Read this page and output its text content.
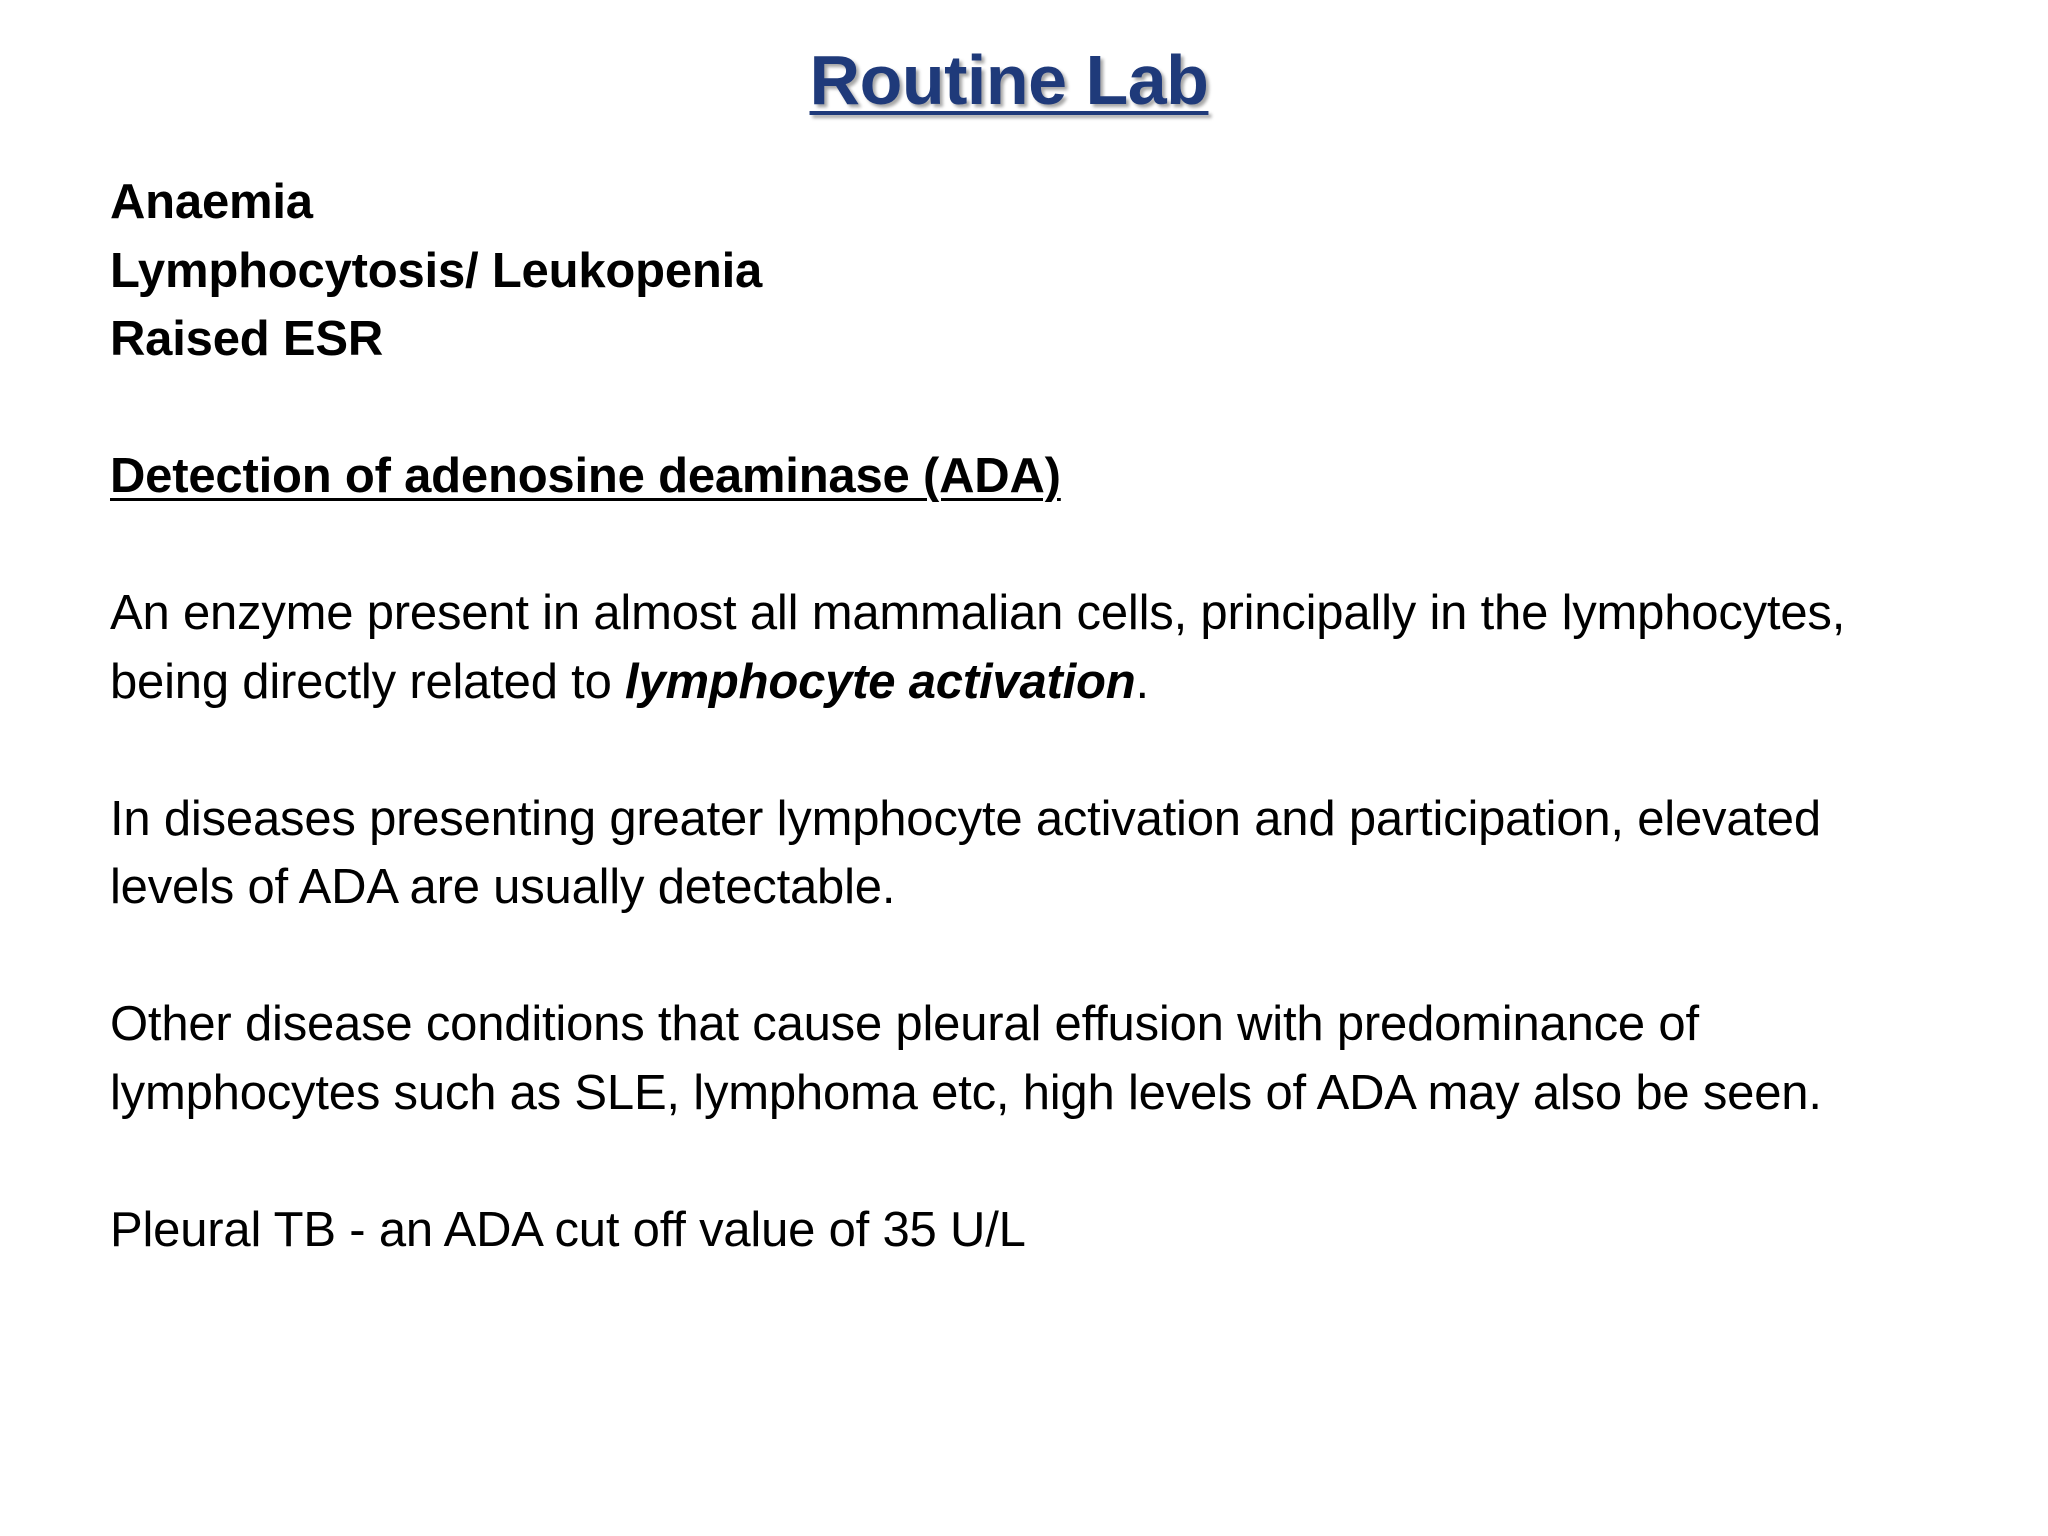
Routine Lab
Anaemia
Lymphocytosis/ Leukopenia
Raised ESR
Detection of adenosine deaminase (ADA)
An enzyme present in almost all mammalian cells, principally in the lymphocytes,
being directly related to lymphocyte activation.
In diseases presenting greater lymphocyte activation and participation, elevated
levels of ADA are usually detectable.
Other disease conditions that cause pleural effusion with predominance of
lymphocytes such as SLE, lymphoma etc, high levels of ADA may also be seen.
Pleural TB - an ADA cut off value of 35 U/L
